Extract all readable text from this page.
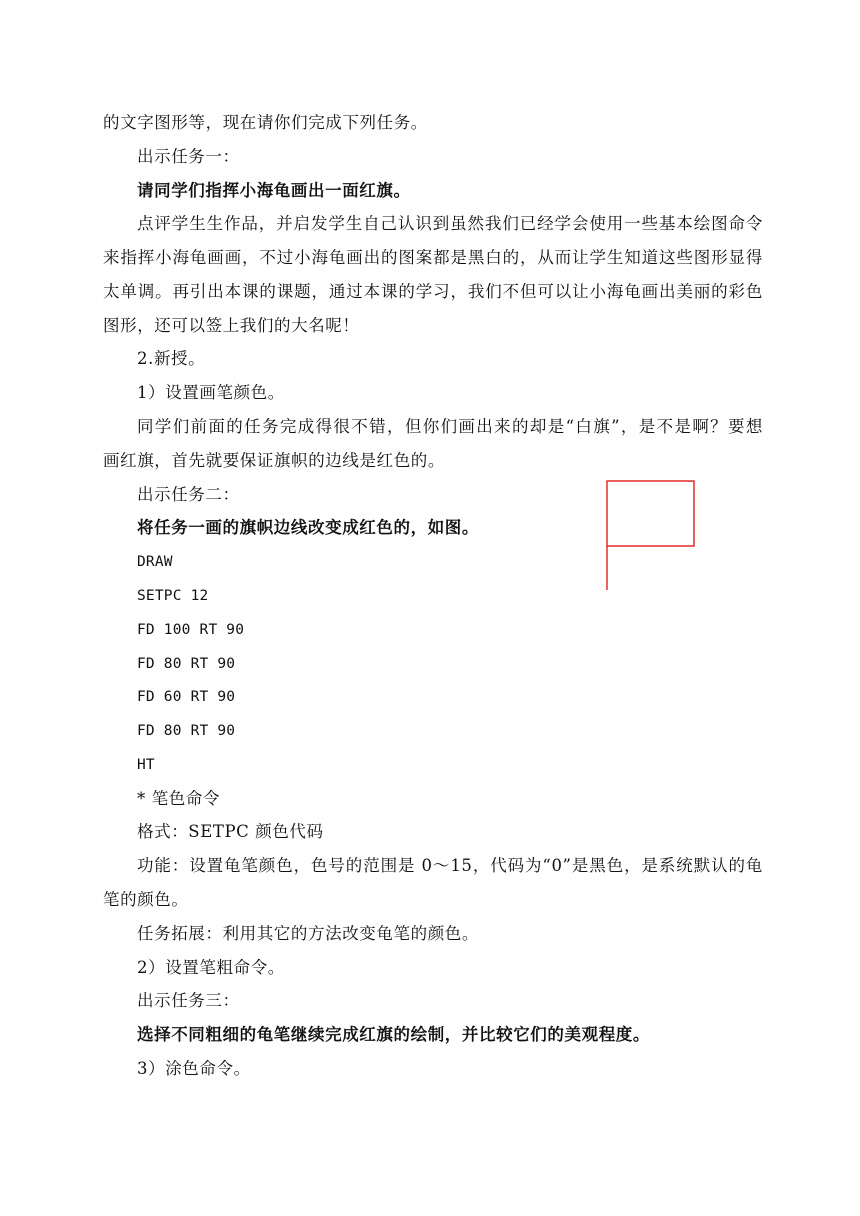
的文字图形等，现在请你们完成下列任务。
出示任务一：
请同学们指挥小海龟画出一面红旗。
点评学生生作品，并启发学生自己认识到虽然我们已经学会使用一些基本绘图命令
来指挥小海龟画画，不过小海龟画出的图案都是黑白的，从而让学生知道这些图形显得
太单调。再引出本课的课题，通过本课的学习，我们不但可以让小海龟画出美丽的彩色
图形，还可以签上我们的大名呢！
2.新授。
1）设置画笔颜色。
同学们前面的任务完成得很不错，但你们画出来的却是“白旗”，是不是啊？要想
画红旗，首先就要保证旗帜的边线是红色的。
出示任务二：
将任务一画的旗帜边线改变成红色的，如图。
DRAW
SETPC 12
FD 100 RT 90
FD 80 RT 90
FD 60 RT 90
FD 80 RT 90
HT
* 笔色命令
格式：SETPC 颜色代码
功能：设置龟笔颜色，色号的范围是 0～15，代码为“0”是黑色，是系统默认的龟
笔的颜色。
任务拓展：利用其它的方法改变龟笔的颜色。
2）设置笔粗命令。
出示任务三：
选择不同粗细的龟笔继续完成红旗的绘制，并比较它们的美观程度。
3）涂色命令。
